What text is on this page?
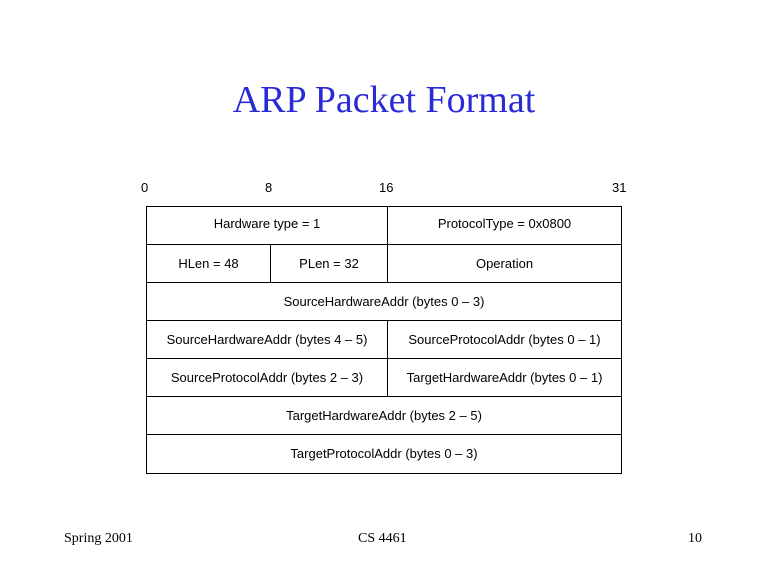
ARP Packet Format
0	8	16	31
Hardware type = 1	ProtocolType = 0x0800
HLen = 48	PLen = 32	Operation
SourceHardwareAddr (bytes 0 – 3)
SourceHardwareAddr (bytes 4 – 5)	SourceProtocolAddr (bytes 0 – 1)
SourceProtocolAddr (bytes 2 – 3)	TargetHardwareAddr (bytes 0 – 1)
TargetHardwareAddr (bytes 2 – 5)
TargetProtocolAddr (bytes 0 – 3)
Spring 2001	CS 4461	10
